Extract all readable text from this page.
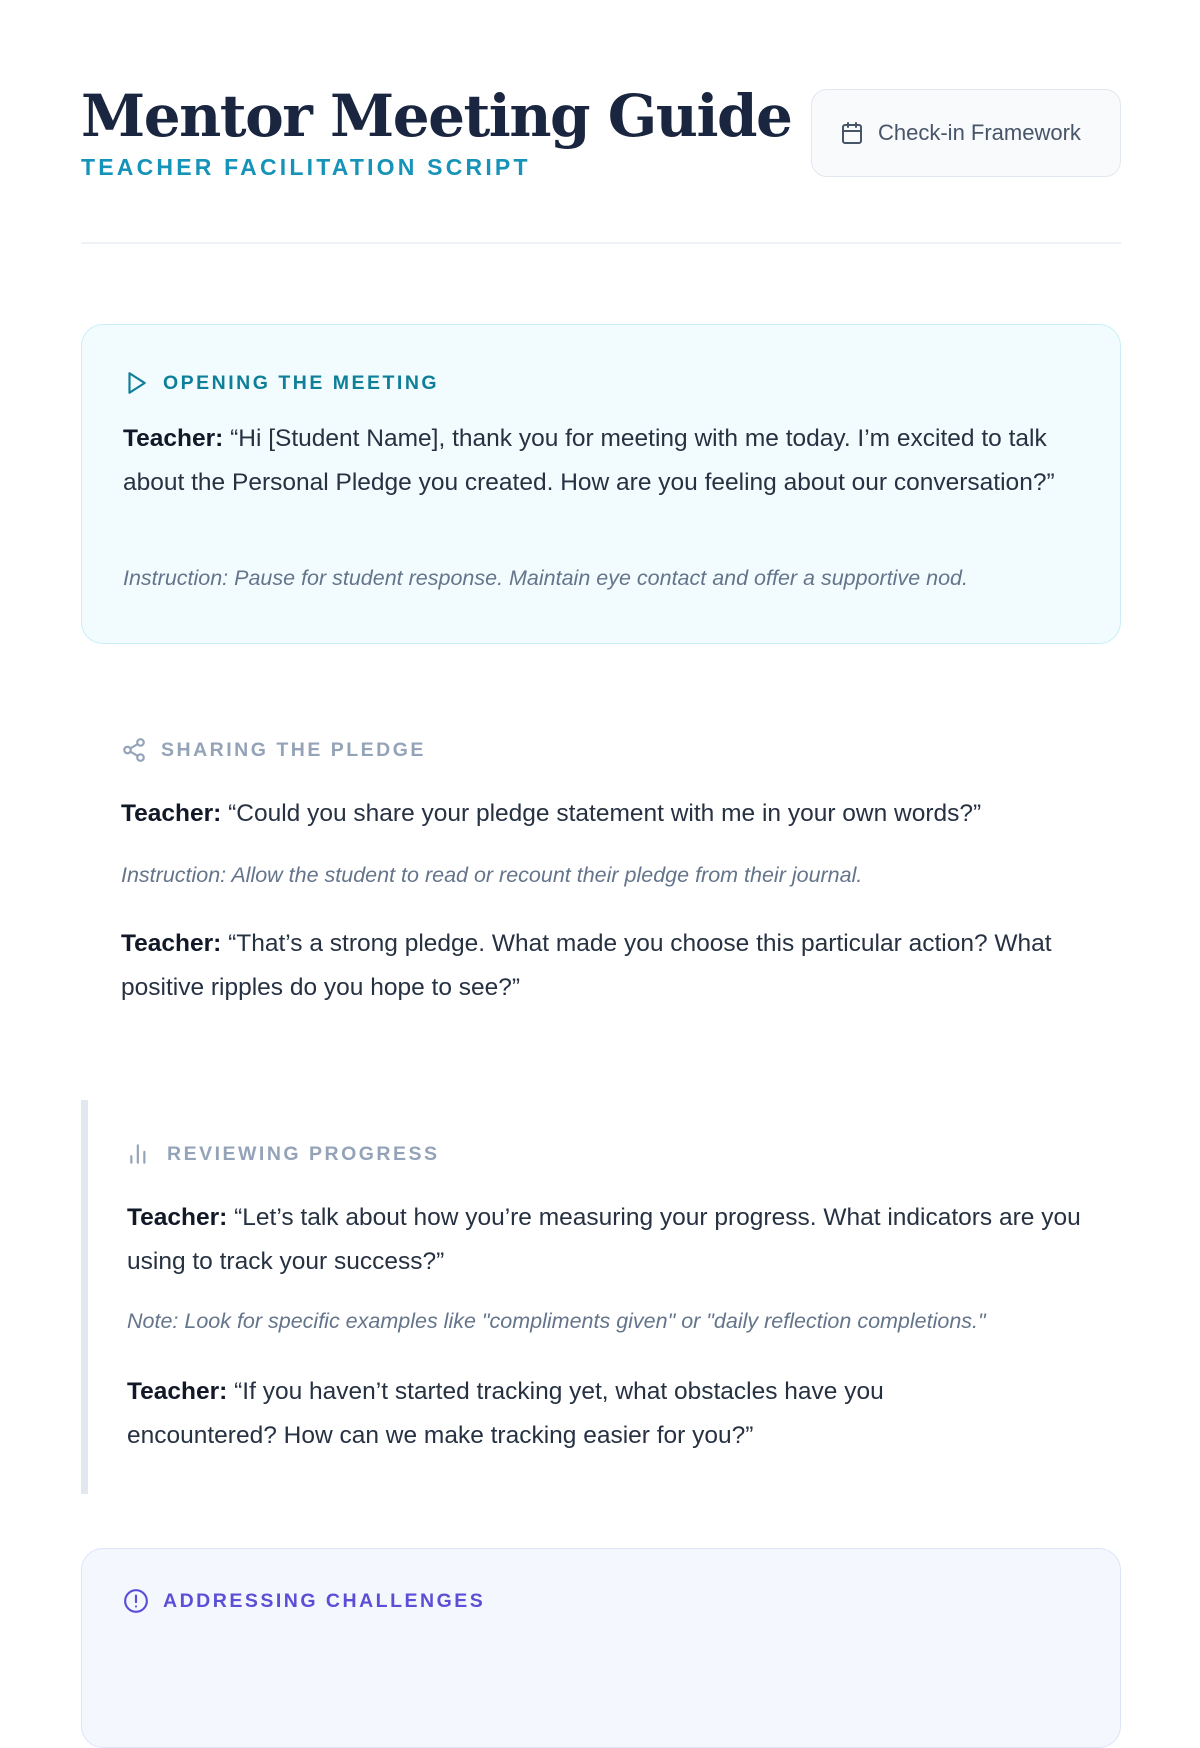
Mentor Meeting Guide
TEACHER FACILITATION SCRIPT
Check-in Framework
OPENING THE MEETING

Teacher: “Hi [Student Name], thank you for meeting with me today. I’m excited to talk about the Personal Pledge you created. How are you feeling about our conversation?”

Instruction: Pause for student response. Maintain eye contact and offer a supportive nod.

SHARING THE PLEDGE

Teacher: “Could you share your pledge statement with me in your own words?”

Instruction: Allow the student to read or recount their pledge from their journal.

Teacher: “That’s a strong pledge. What made you choose this particular action? What positive ripples do you hope to see?”

REVIEWING PROGRESS

Teacher: “Let’s talk about how you’re measuring your progress. What indicators are you using to track your success?”

Note: Look for specific examples like "compliments given" or "daily reflection completions."

Teacher: “If you haven’t started tracking yet, what obstacles have you encountered? How can we make tracking easier for you?”

ADDRESSING CHALLENGES
